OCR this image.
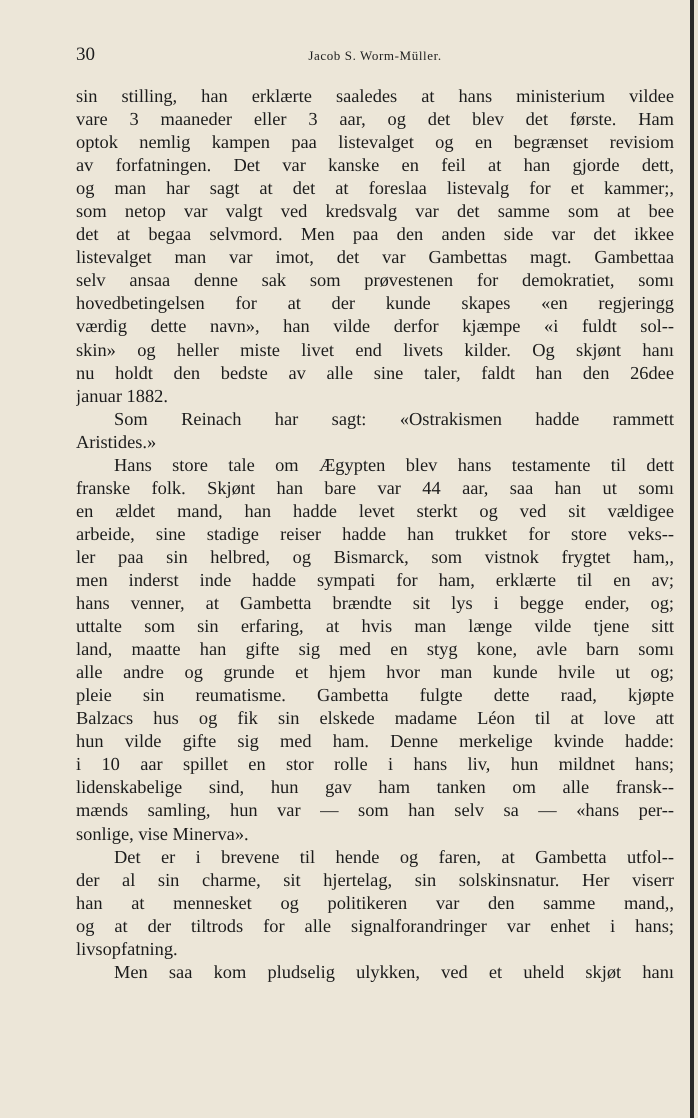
30	Jacob S. Worm-Müller.
sin stilling, han erklærte saaledes at hans ministerium vildee
vare 3 maaneder eller 3 aar, og det blev det første. Ham
optok nemlig kampen paa listevalget og en begrænset revisiom
av forfatningen. Det var kanske en feil at han gjorde dett,
og man har sagt at det at foreslaa listevalg for et kammer;,
som netop var valgt ved kredsvalg var det samme som at bee
det at begaa selvmord. Men paa den anden side var det ikkee
listevalget man var imot, det var Gambettas magt. Gambettaa
selv ansaa denne sak som prøvestenen for demokratiet, somı
hovedbetingelsen for at der kunde skapes «en regjeringg
værdig dette navn», han vilde derfor kjæmpe «i fuldt sol--
skin» og heller miste livet end livets kilder. Og skjønt hanı
nu holdt den bedste av alle sine taler, faldt han den 26dee
januar 1882.
Som Reinach har sagt: «Ostrakismen hadde rammett
Aristides.»
Hans store tale om Ægypten blev hans testamente til dett
franske folk. Skjønt han bare var 44 aar, saa han ut somı
en ældet mand, han hadde levet sterkt og ved sit vældigee
arbeide, sine stadige reiser hadde han trukket for store veks--
ler paa sin helbred, og Bismarck, som vistnok frygtet ham,,
men inderst inde hadde sympati for ham, erklærte til en av;
hans venner, at Gambetta brændte sit lys i begge ender, og;
uttalte som sin erfaring, at hvis man længe vilde tjene sitt
land, maatte han gifte sig med en styg kone, avle barn somı
alle andre og grunde et hjem hvor man kunde hvile ut og;
pleie sin reumatisme. Gambetta fulgte dette raad, kjøpte
Balzacs hus og fik sin elskede madame Léon til at love att
hun vilde gifte sig med ham. Denne merkelige kvinde hadde:
i 10 aar spillet en stor rolle i hans liv, hun mildnet hans;
lidenskabelige sind, hun gav ham tanken om alle fransk--
mænds samling, hun var — som han selv sa — «hans per--
sonlige, vise Minerva».
Det er i brevene til hende og faren, at Gambetta utfol--
der al sin charme, sit hjertelag, sin solskinsnatur. Her viserr
han at mennesket og politikeren var den samme mand,,
og at der tiltrods for alle signalforandringer var enhet i hans;
livsopfatning.
Men saa kom pludselig ulykken, ved et uheld skjøt hanı
